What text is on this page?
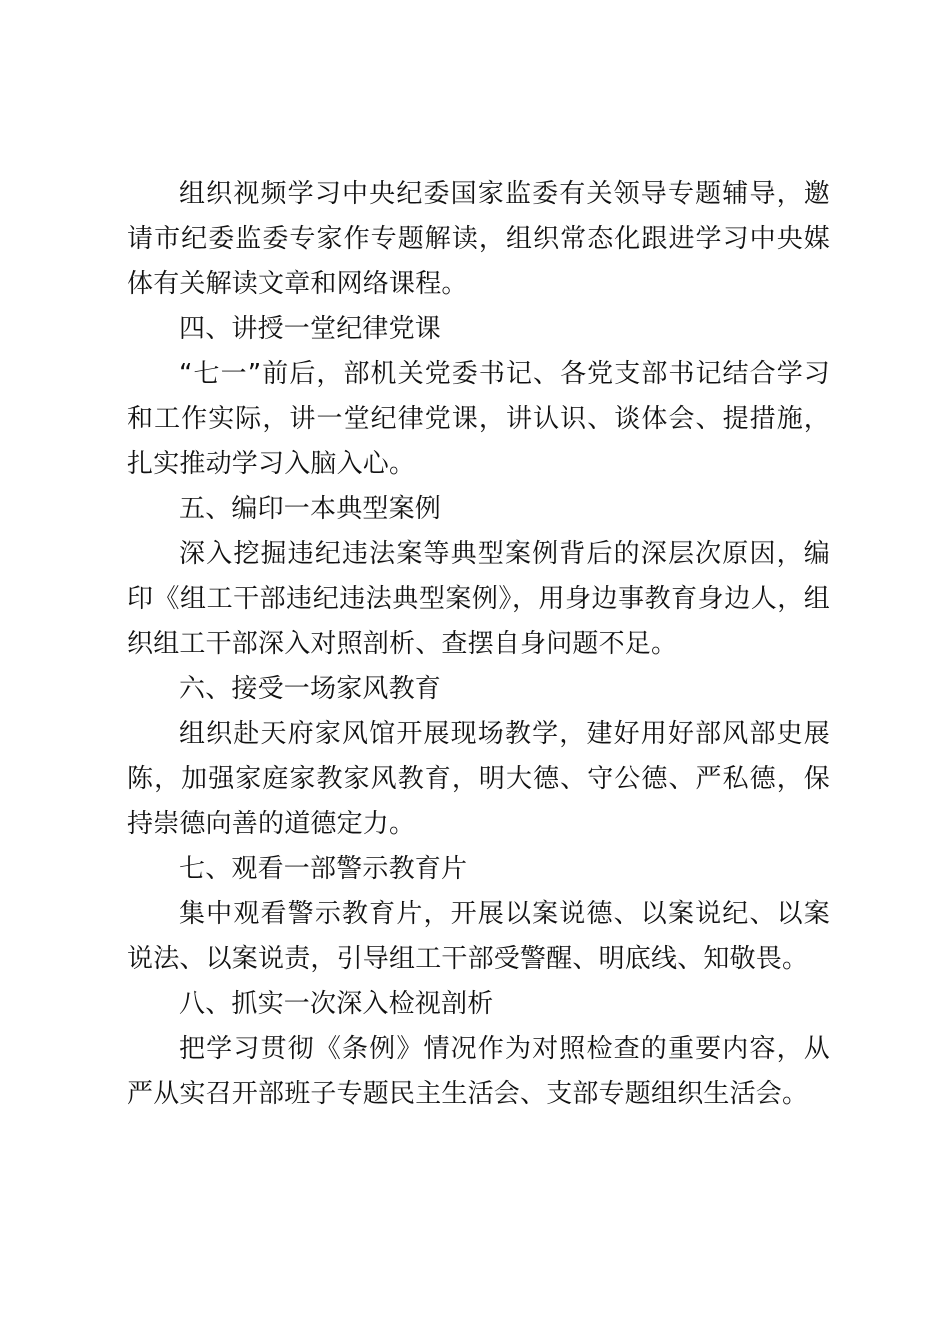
组织视频学习中央纪委国家监委有关领导专题辅导，邀请市纪委监委专家作专题解读，组织常态化跟进学习中央媒体有关解读文章和网络课程。

四、讲授一堂纪律党课

“七一”前后，部机关党委书记、各党支部书记结合学习和工作实际，讲一堂纪律党课，讲认识、谈体会、提措施，扎实推动学习入脑入心。

五、编印一本典型案例

深入挖掘违纪违法案等典型案例背后的深层次原因，编印《组工干部违纪违法典型案例》，用身边事教育身边人，组织组工干部深入对照剖析、查摆自身问题不足。

六、接受一场家风教育

组织赴天府家风馆开展现场教学，建好用好部风部史展陈，加强家庭家教家风教育，明大德、守公德、严私德，保持崇德向善的道德定力。

七、观看一部警示教育片

集中观看警示教育片，开展以案说德、以案说纪、以案说法、以案说责，引导组工干部受警醒、明底线、知敬畏。

八、抓实一次深入检视剖析

把学习贯彻《条例》情况作为对照检查的重要内容，从严从实召开部班子专题民主生活会、支部专题组织生活会。
